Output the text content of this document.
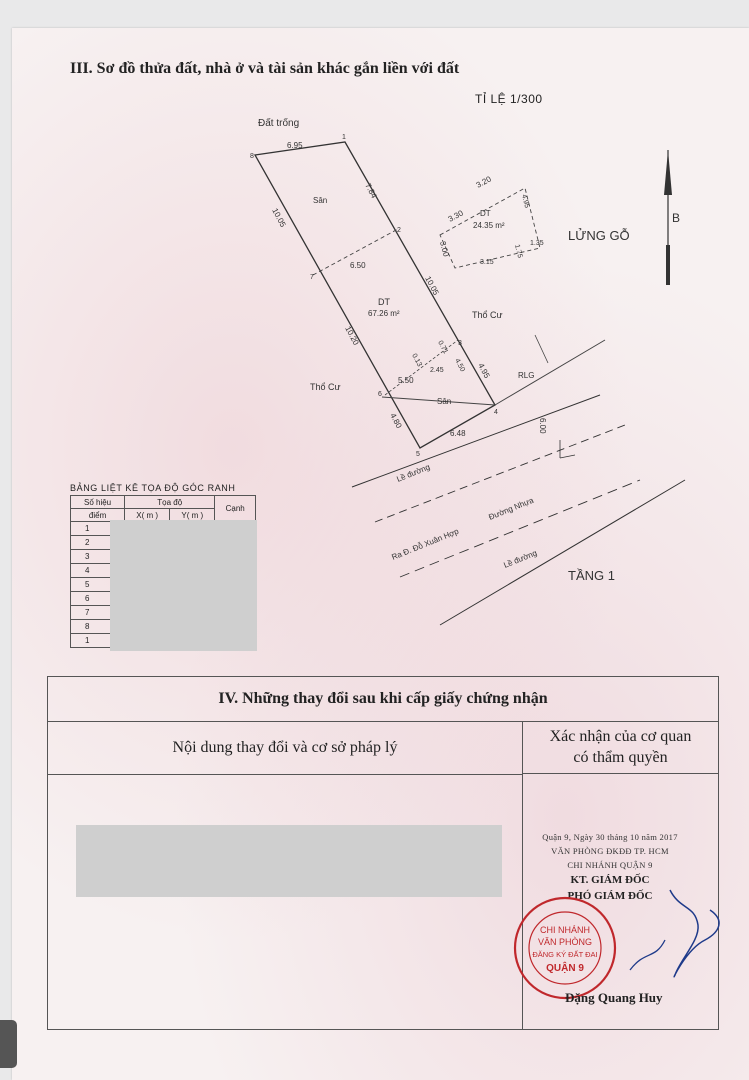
III. Sơ đồ thửa đất, nhà ở và tài sản khác gắn liền với đất
TỈ LỆ 1/300
Đất trống
6.95
8
1
Sân
7.84
10.05
2
7
6.50
DT
67.26 m²
10.05
10.20
Thổ Cư
0.71 3
4.50
2.45	4.95
0.13
5.50
6
Thổ Cư
Sân
4
4.80
5
6.48
RLG
6.00
Lề đường
Đường Nhựa
Ra Đ. Đỗ Xuân Hợp	Lề đường
TẦNG 1
DT
24.35 m²
3.20
3.30
4.95
3.00
3.15
1.35
1.75
LỬNG GỖ
B
BẢNG LIỆT KÊ TỌA ĐỘ GÓC RANH
Số hiệu	Tọa độ		Cạnh
điểm	X( m )	Y( m )	
1			
2			
3			
4			
5			
6			
7			
8			
1			
IV. Những thay đổi sau khi cấp giấy chứng nhận
Nội dung thay đổi và cơ sở pháp lý
Xác nhận của cơ quan
có thẩm quyền
Quận 9, Ngày 30 tháng 10 năm 2017
VĂN PHÒNG ĐKĐĐ TP. HCM
CHI NHÁNH QUẬN 9
KT. GIÁM ĐỐC
PHÓ GIÁM ĐỐC
CHI NHÁNH
VĂN PHÒNG
ĐĂNG KÝ ĐẤT ĐAI
QUẬN 9
Đặng Quang Huy
